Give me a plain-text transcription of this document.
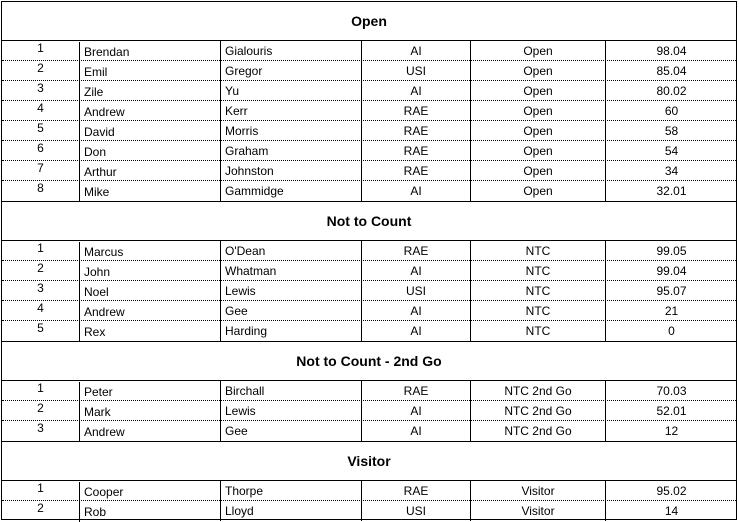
Open
1	Brendan	Gialouris	AI	Open	98.04
2	Emil	Gregor	USI	Open	85.04
3	Zile	Yu	AI	Open	80.02
4	Andrew	Kerr	RAE	Open	60
5	David	Morris	RAE	Open	58
6	Don	Graham	RAE	Open	54
7	Arthur	Johnston	RAE	Open	34
8	Mike	Gammidge	AI	Open	32.01
Not to Count
1	Marcus	O'Dean	RAE	NTC	99.05
2	John	Whatman	AI	NTC	99.04
3	Noel	Lewis	USI	NTC	95.07
4	Andrew	Gee	AI	NTC	21
5	Rex	Harding	AI	NTC	0
Not to Count - 2nd Go
1	Peter	Birchall	RAE	NTC 2nd Go	70.03
2	Mark	Lewis	AI	NTC 2nd Go	52.01
3	Andrew	Gee	AI	NTC 2nd Go	12
Visitor
1	Cooper	Thorpe	RAE	Visitor	95.02
2	Rob	Lloyd	USI	Visitor	14
